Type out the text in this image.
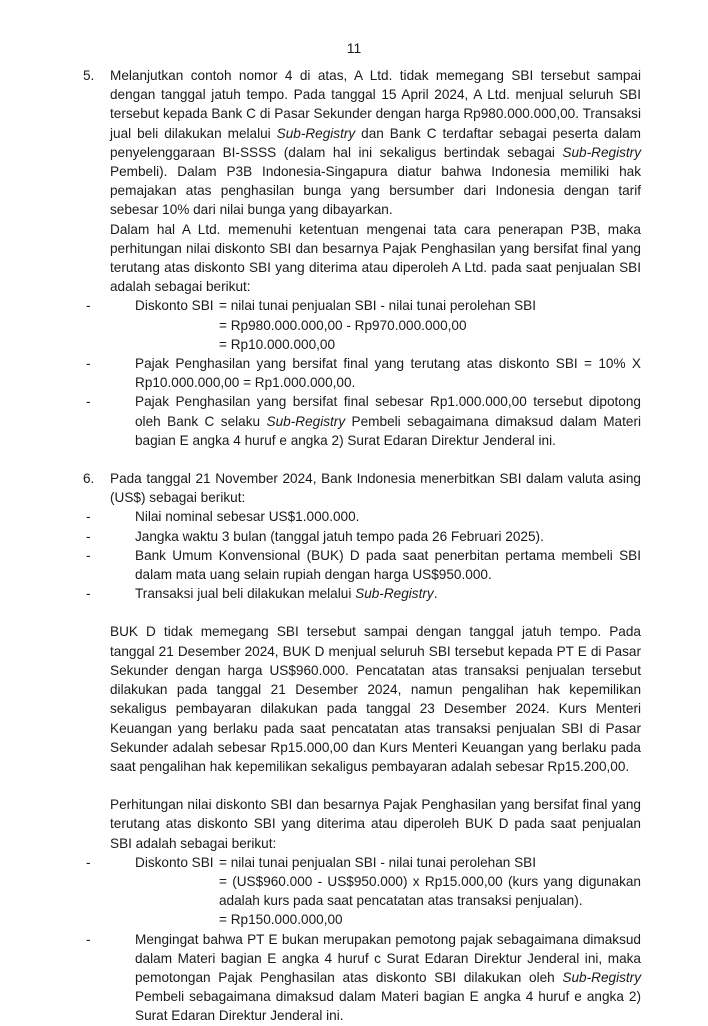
11
5. Melanjutkan contoh nomor 4 di atas, A Ltd. tidak memegang SBI tersebut sampai dengan tanggal jatuh tempo. Pada tanggal 15 April 2024, A Ltd. menjual seluruh SBI tersebut kepada Bank C di Pasar Sekunder dengan harga Rp980.000.000,00. Transaksi jual beli dilakukan melalui Sub-Registry dan Bank C terdaftar sebagai peserta dalam penyelenggaraan BI-SSSS (dalam hal ini sekaligus bertindak sebagai Sub-Registry Pembeli). Dalam P3B Indonesia-Singapura diatur bahwa Indonesia memiliki hak pemajakan atas penghasilan bunga yang bersumber dari Indonesia dengan tarif sebesar 10% dari nilai bunga yang dibayarkan.

Dalam hal A Ltd. memenuhi ketentuan mengenai tata cara penerapan P3B, maka perhitungan nilai diskonto SBI dan besarnya Pajak Penghasilan yang bersifat final yang terutang atas diskonto SBI yang diterima atau diperoleh A Ltd. pada saat penjualan SBI adalah sebagai berikut:

-	Diskonto SBI = nilai tunai penjualan SBI - nilai tunai perolehan SBI
= Rp980.000.000,00 - Rp970.000.000,00
= Rp10.000.000,00
-	Pajak Penghasilan yang bersifat final yang terutang atas diskonto SBI = 10% X Rp10.000.000,00 = Rp1.000.000,00.
-	Pajak Penghasilan yang bersifat final sebesar Rp1.000.000,00 tersebut dipotong oleh Bank C selaku Sub-Registry Pembeli sebagaimana dimaksud dalam Materi bagian E angka 4 huruf e angka 2) Surat Edaran Direktur Jenderal ini.
6. Pada tanggal 21 November 2024, Bank Indonesia menerbitkan SBI dalam valuta asing (US$) sebagai berikut:

-	Nilai nominal sebesar US$1.000.000.
-	Jangka waktu 3 bulan (tanggal jatuh tempo pada 26 Februari 2025).
-	Bank Umum Konvensional (BUK) D pada saat penerbitan pertama membeli SBI dalam mata uang selain rupiah dengan harga US$950.000.
-	Transaksi jual beli dilakukan melalui Sub-Registry.

BUK D tidak memegang SBI tersebut sampai dengan tanggal jatuh tempo. Pada tanggal 21 Desember 2024, BUK D menjual seluruh SBI tersebut kepada PT E di Pasar Sekunder dengan harga US$960.000. Pencatatan atas transaksi penjualan tersebut dilakukan pada tanggal 21 Desember 2024, namun pengalihan hak kepemilikan sekaligus pembayaran dilakukan pada tanggal 23 Desember 2024. Kurs Menteri Keuangan yang berlaku pada saat pencatatan atas transaksi penjualan SBI di Pasar Sekunder adalah sebesar Rp15.000,00 dan Kurs Menteri Keuangan yang berlaku pada saat pengalihan hak kepemilikan sekaligus pembayaran adalah sebesar Rp15.200,00.

Perhitungan nilai diskonto SBI dan besarnya Pajak Penghasilan yang bersifat final yang terutang atas diskonto SBI yang diterima atau diperoleh BUK D pada saat penjualan SBI adalah sebagai berikut:

-	Diskonto SBI = nilai tunai penjualan SBI - nilai tunai perolehan SBI
= (US$960.000 - US$950.000) x Rp15.000,00 (kurs yang digunakan adalah kurs pada saat pencatatan atas transaksi penjualan).
= Rp150.000.000,00
-	Mengingat bahwa PT E bukan merupakan pemotong pajak sebagaimana dimaksud dalam Materi bagian E angka 4 huruf c Surat Edaran Direktur Jenderal ini, maka pemotongan Pajak Penghasilan atas diskonto SBI dilakukan oleh Sub-Registry Pembeli sebagaimana dimaksud dalam Materi bagian E angka 4 huruf e angka 2) Surat Edaran Direktur Jenderal ini.
